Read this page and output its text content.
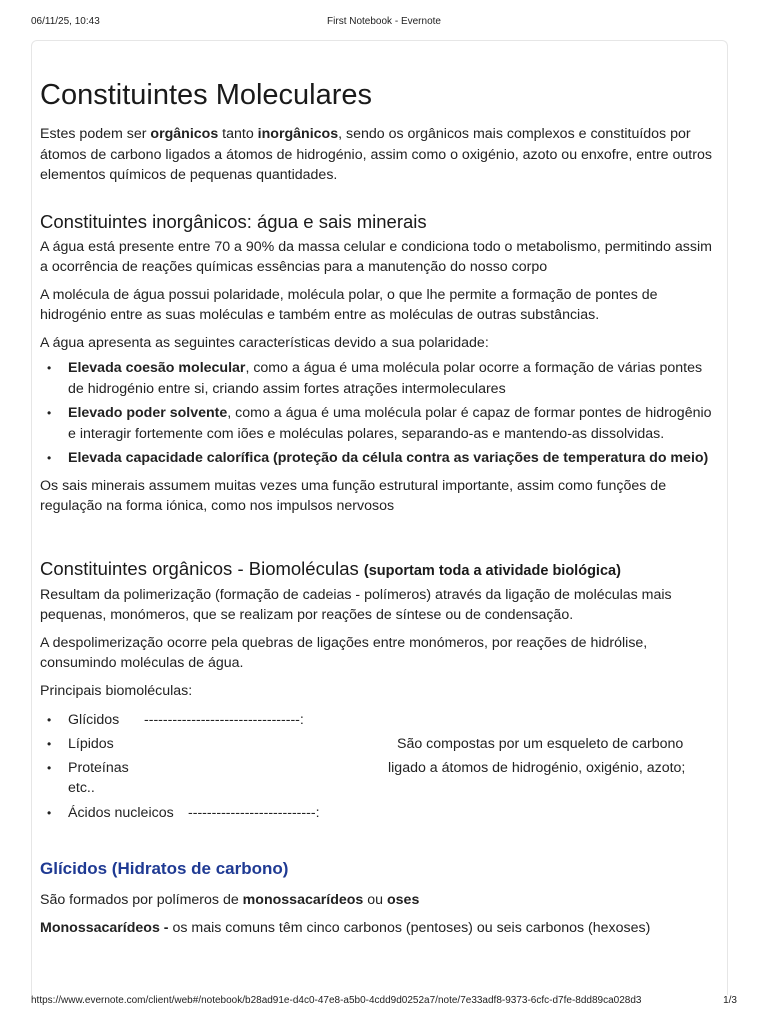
06/11/25, 10:43	First Notebook - Evernote
Constituintes Moleculares

Estes podem ser orgânicos tanto inorgânicos, sendo os orgânicos mais complexos e constituídos por átomos de carbono ligados a átomos de hidrogénio, assim como o oxigénio, azoto ou enxofre, entre outros elementos químicos de pequenas quantidades.

Constituintes inorgânicos: água e sais minerais

A água está presente entre 70 a 90% da massa celular e condiciona todo o metabolismo, permitindo assim a ocorrência de reações químicas essências para a manutenção do nosso corpo

A molécula de água possui polaridade, molécula polar, o que lhe permite a formação de pontes de hidrogénio entre as suas moléculas e também entre as moléculas de outras substâncias.

A água apresenta as seguintes características devido a sua polaridade:

• Elevada coesão molecular, como a água é uma molécula polar ocorre a formação de várias pontes de hidrogénio entre si, criando assim fortes atrações intermoleculares
• Elevado poder solvente, como a água é uma molécula polar é capaz de formar pontes de hidrogênio e interagir fortemente com iões e moléculas polares, separando-as e mantendo-as dissolvidas.
• Elevada capacidade calorífica (proteção da célula contra as variações de temperatura do meio)

Os sais minerais assumem muitas vezes uma função estrutural importante, assim como funções de regulação na forma iónica, como nos impulsos nervosos

Constituintes orgânicos - Biomoléculas (suportam toda a atividade biológica)

Resultam da polimerização (formação de cadeias - polímeros) através da ligação de moléculas mais pequenas, monómeros, que se realizam por reações de síntese ou de condensação.

A despolimerização ocorre pela quebras de ligações entre monómeros, por reações de hidrólise, consumindo moléculas de água.

Principais biomoléculas:

• Glícidos ---------------------------------:
• Lípidos	São compostas por um esqueleto de carbono
• Proteínas	ligado a átomos de hidrogénio, oxigénio, azoto;
etc..
• Ácidos nucleicos ---------------------------:
Glícidos (Hidratos de carbono)

São formados por polímeros de monossacarídeos ou oses

Monossacarídeos - os mais comuns têm cinco carbonos (pentoses) ou seis carbonos (hexoses)

https://www.evernote.com/client/web#/notebook/b28ad91e-d4c0-47e8-a5b0-4cdd9d0252a7/note/7e33adf8-9373-6cfc-d7fe-8dd89ca028d3	1/3
